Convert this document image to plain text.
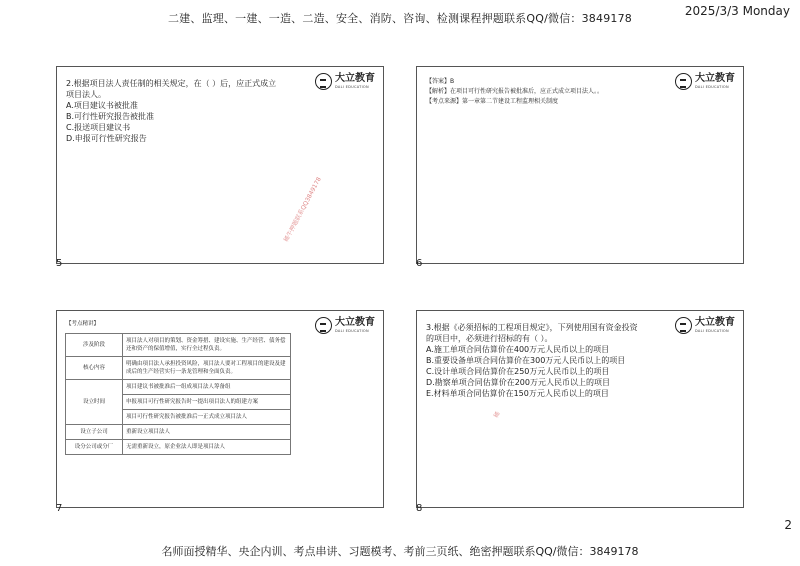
二建、监理、一建、一造、二造、安全、消防、咨询、检测课程押题联系QQ/微信：3849178
2025/3/3 Monday
大立教育
DALI EDUCATION
2.根据项目法人责任制的相关规定，在（ ）后，应正式成立
项目法人。
A.项目建议书被批准
B.可行性研究报告被批准
C.报送项目建议书
D.申报可行性研究报告
稀牛押题联系QQ3849178
5
大立教育
DALI EDUCATION
【答案】B
【解析】在项目可行性研究报告被批准后，应正式成立项目法人。。
【考点来源】第一章第二节建设工程监理相关制度
6
大立教育
DALI EDUCATION
【考点精讲】
涉及阶段	项目法人对项目的策划、资金筹措、建设实施、生产经营、债务偿还和资产的保值增值，实行全过程负责。
核心内容	明确由项目法人承担投资风险，项目法人要对工程项目的建设及建成后的生产经营实行一条龙管理和全面负责。
设立时间	项目建议书被批准后一组成项目法人筹备组
	申报项目可行性研究报告时一提出项目法人的组建方案
	项目可行性研究报告被批准后一正式成立项目法人
设立子公司	重新设立项目法人
设分公司或分厂	无需重新设立，原企业法人即是项目法人
7
大立教育
DALI EDUCATION
3.根据《必须招标的工程项目规定》，下列使用国有资金投资
的项目中，必须进行招标的有（ ）。
A.施工单项合同估算价在400万元人民币以上的项目
B.重要设备单项合同估算价在300万元人民币以上的项目
C.设计单项合同估算价在250万元人民币以上的项目
D.勘察单项合同估算价在200万元人民币以上的项目
E.材料单项合同估算价在150万元人民币以上的项目
稀
8
2
名师面授精华、央企内训、考点串讲、习题模考、考前三页纸、绝密押题联系QQ/微信：3849178
